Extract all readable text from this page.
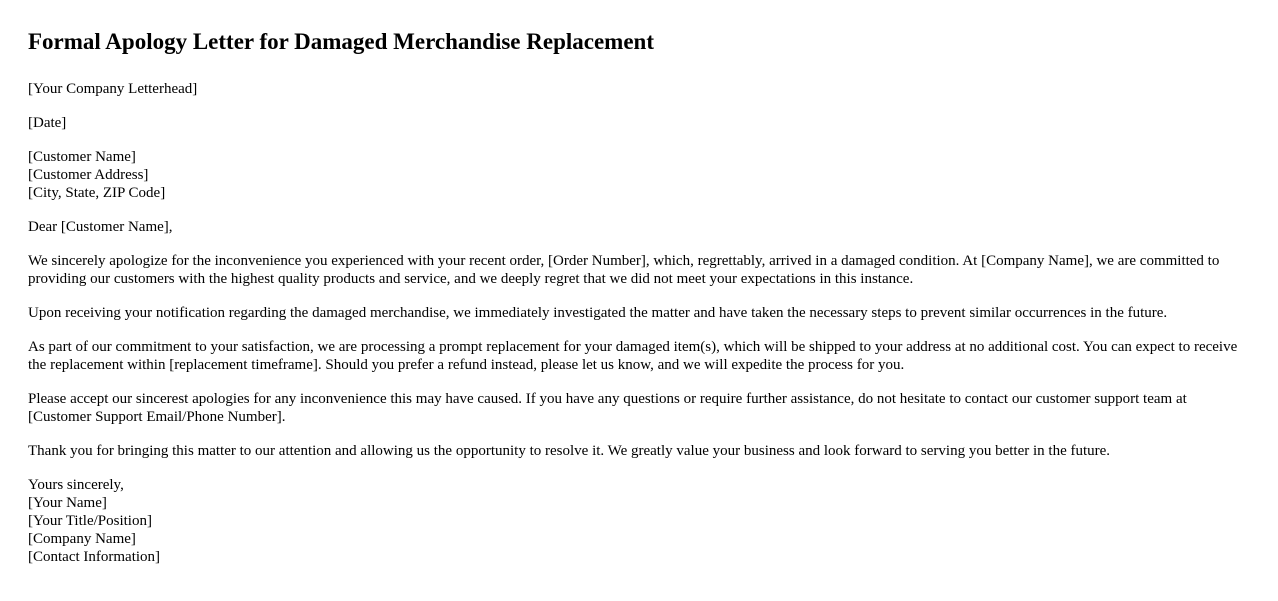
Formal Apology Letter for Damaged Merchandise Replacement

[Your Company Letterhead]

[Date]

[Customer Name]
[Customer Address]
[City, State, ZIP Code]

Dear [Customer Name],

We sincerely apologize for the inconvenience you experienced with your recent order, [Order Number], which, regrettably, arrived in a damaged condition. At [Company Name], we are committed to providing our customers with the highest quality products and service, and we deeply regret that we did not meet your expectations in this instance.

Upon receiving your notification regarding the damaged merchandise, we immediately investigated the matter and have taken the necessary steps to prevent similar occurrences in the future.

As part of our commitment to your satisfaction, we are processing a prompt replacement for your damaged item(s), which will be shipped to your address at no additional cost. You can expect to receive the replacement within [replacement timeframe]. Should you prefer a refund instead, please let us know, and we will expedite the process for you.

Please accept our sincerest apologies for any inconvenience this may have caused. If you have any questions or require further assistance, do not hesitate to contact our customer support team at [Customer Support Email/Phone Number].

Thank you for bringing this matter to our attention and allowing us the opportunity to resolve it. We greatly value your business and look forward to serving you better in the future.

Yours sincerely,
[Your Name]
[Your Title/Position]
[Company Name]
[Contact Information]
